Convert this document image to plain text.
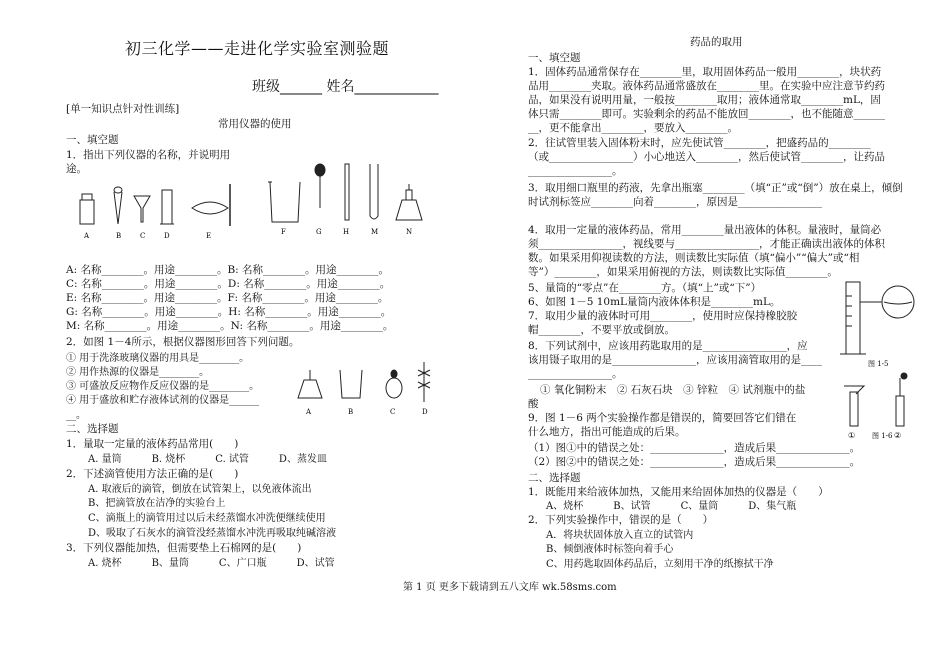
初三化学——走进化学实验室测验题
班级______ 姓名____________
[单一知识点针对性训练]
常用仪器的使用
一、填空题
1．指出下列仪器的名称，并说明用
途。
A	B	C	D	E	F	G	H	M	N
A: 名称________。用途________。B: 名称________。用途________。
C: 名称________。用途________。D: 名称________。用途________。
E: 名称________。用途________。F: 名称________。用途________。
G: 名称________。用途________。H: 名称________。用途________。
M: 名称________。用途________。N: 名称________。用途________。
2．如图 1－4所示，根据仪器图形回答下列问题。
① 用于洗涤玻璃仪器的用具是________。
② 用作热源的仪器是________。
③ 可盛放反应物作反应仪器的是________。
④ 用于盛放和贮存液体试剂的仪器是______
__。	A	B	C	D
二、选择题
1．量取一定量的液体药品常用(　　)
A. 量筒　　　B. 烧杯　　　C. 试管　　　D、蒸发皿
2．下述滴管使用方法正确的是(　　)
A. 取液后的滴管，倒放在试管架上，以免液体流出
B、把滴管放在洁净的实验台上
C、滴瓶上的滴管用过以后未经蒸馏水冲洗便继续使用
D、吸取了石灰水的滴管没经蒸馏水冲洗再吸取纯碱溶液
3．下列仪器能加热，但需要垫上石棉网的是(　　)
A. 烧杯　　　B、量筒　　　C、广口瓶　　　D、试管
药品的取用
一、填空题
1．固体药品通常保存在________里，取用固体药品一般用________，块状药
品用________夹取。液体药品通常盛放在________里。在实验中应注意节约药
品，如果没有说明用量，一般按________取用；液体通常取________mL，固
体只需________即可。实验剩余的药品不能放回________，也不能随意______
__，更不能拿出________，要放入________。
2．往试管里装入固体粉末时，应先使试管________，把盛药品的________
（或________________）小心地送入________，然后使试管________，让药品
________________。
3．取用细口瓶里的药液，先拿出瓶塞________（填“正”或“倒”）放在桌上，倾倒时试剂标签应________向着________，原因是________________
4．取用一定量的液体药品，常用________量出液体的体积。量液时，量筒必
须________________，视线要与________________，才能正确读出液体的体积
数。如果采用仰视读数的方法，则读数比实际值（填“偏小”“偏大”或“相
等”）________，如果采用俯视的方法，则读数比实际值________。
5、量筒的“零点”在________方。（填“上”或“下”）
6、如图 1－5 10mL量筒内液体体积是________mL。
7．取用少量的液体时可用________，使用时应保持橡胶胶
帽________，不要平放或倒放。
8．下列试剂中，应该用药匙取用的是________________，应
该用镊子取用的是________________，应该用滴管取用的是____
________________。
① 氧化铜粉末　② 石灰石块　③ 锌粒　④ 试剂瓶中的盐
酸
9．图 1－6 两个实验操作都是错误的，简要回答它们错在
什么地方，指出可能造成的后果。
（1）图①中的错误之处：______________，造成后果______________。
（2）图②中的错误之处：______________，造成后果______________。
二、选择题
1．既能用来给液体加热，又能用来给固体加热的仪器是（　　）
A、烧杯　　　B、试管　　　C、量筒　　　D、集气瓶
2．下列实验操作中，错误的是（　　）
A．将块状固体放入直立的试管内
B、倾倒液体时标签向着手心
C、用药匙取固体药品后，立刻用干净的纸擦拭干净
图 1-5
①	②
图 1-6
第 1 页 更多下载请到五八文库 wk.58sms.com
